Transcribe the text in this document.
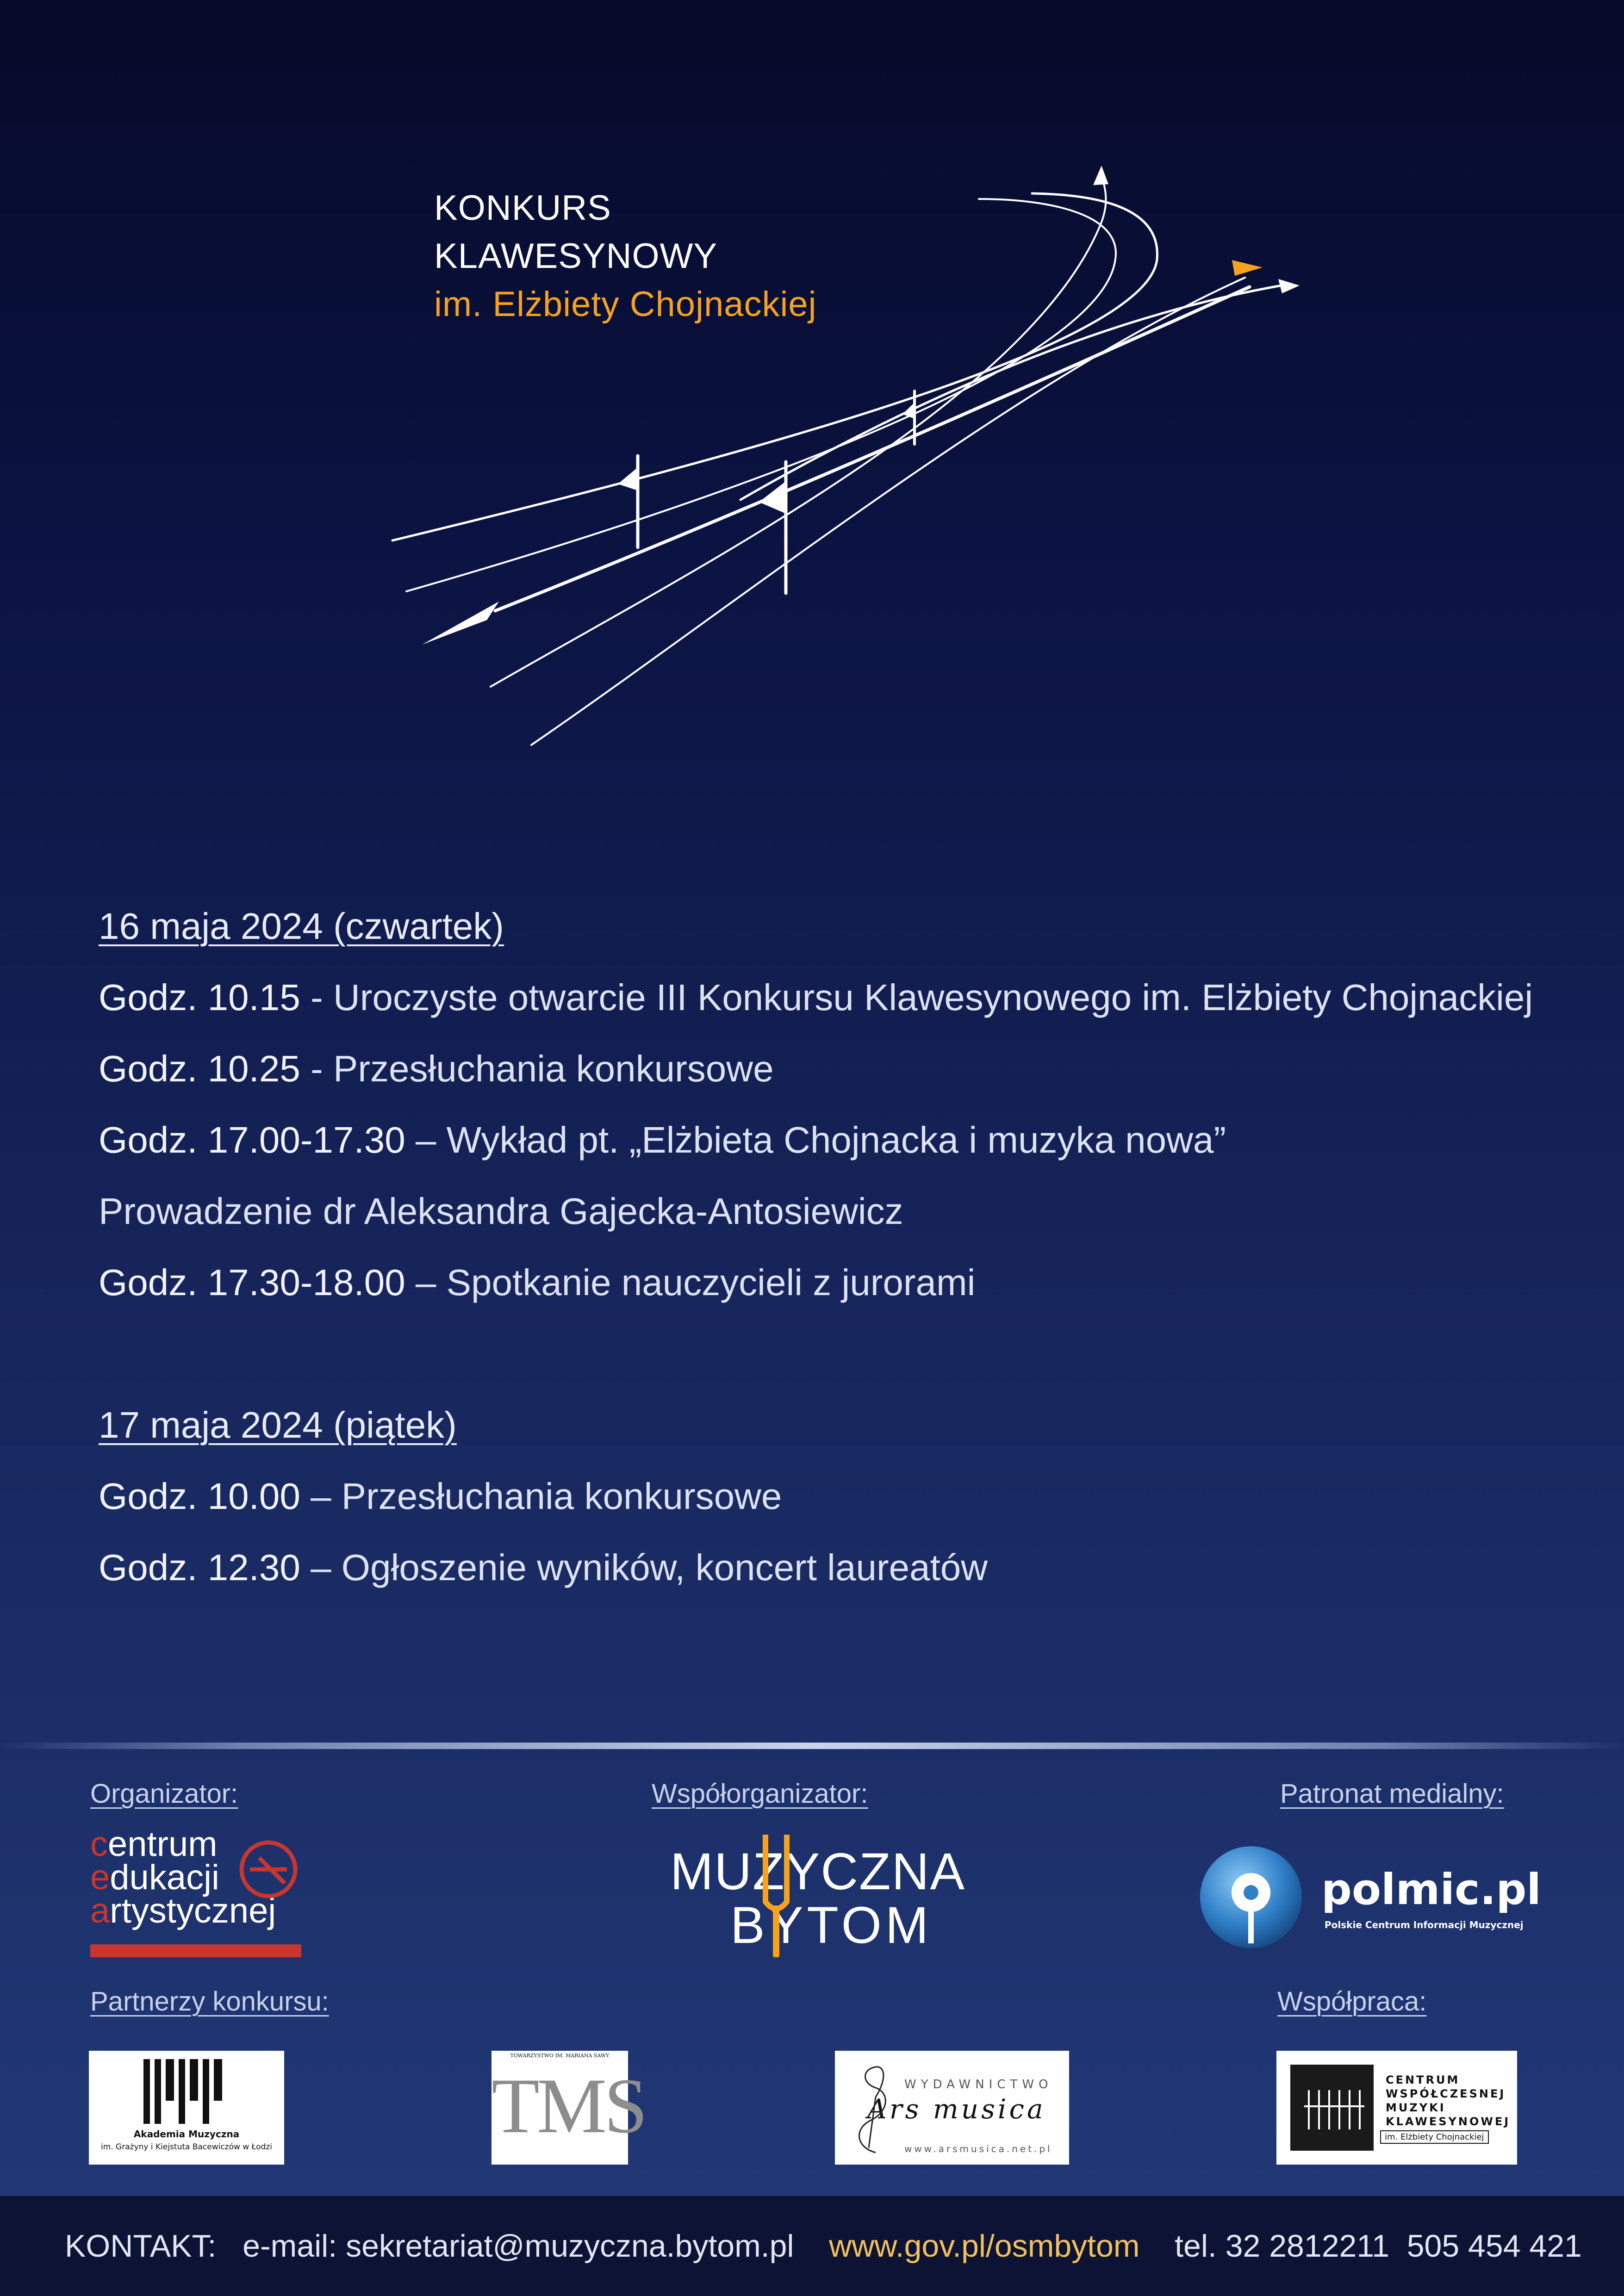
KONKURS
KLAWESYNOWY
im. Elżbiety Chojnackiej
16 maja 2024 (czwartek)
Godz. 10.15 - Uroczyste otwarcie III Konkursu Klawesynowego im. Elżbiety Chojnackiej
Godz. 10.25 - Przesłuchania konkursowe
Godz. 17.00-17.30 – Wykład pt. „Elżbieta Chojnacka i muzyka nowa”
Prowadzenie dr Aleksandra Gajecka-Antosiewicz
Godz. 17.30-18.00 – Spotkanie nauczycieli z jurorami
17 maja 2024 (piątek)
Godz. 10.00 – Przesłuchania konkursowe
Godz. 12.30 – Ogłoszenie wyników, koncert laureatów
Organizator:	Współorganizator:	Patronat medialny:
Partnerzy konkursu:	Współpraca:
centrum
edukacji
artystycznej
MUZYCZNA
BYTOM
polmic.pl
Polskie Centrum Informacji Muzycznej
Akademia Muzyczna
im. Grażyny i Kiejstuta Bacewiczów w Łodzi
TOWARZYSTWO IM. MARIANA SAWY
TMS	WYDAWNICTWO
Ars musica
www.arsmusica.net.pl
CENTRUM
WSPÓŁCZESNEJ
MUZYKI
KLAWESYNOWEJ
im. Elżbiety Chojnackiej
KONTAKT: e-mail: sekretariat@muzyczna.bytom.pl www.gov.pl/osmbytom tel. 32 2812211  505 454 421
